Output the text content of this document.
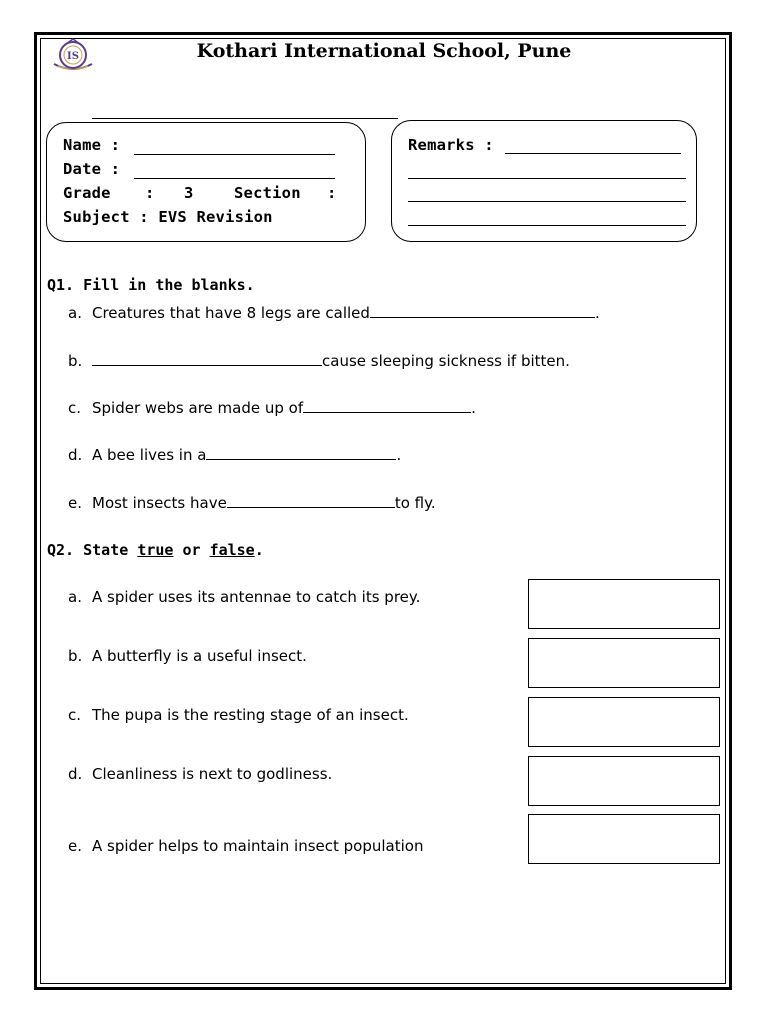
IS	Kothari International School, Pune
Name :
Date :
Grade : 3	Section :
Subject : EVS Revision
Remarks :
Q1. Fill in the blanks.
a. Creatures that have 8 legs are called	.
b.	cause sleeping sickness if bitten.
c. Spider webs are made up of	.
d. A bee lives in a	.
e. Most insects have	to fly.
Q2. State true or false.
a. A spider uses its antennae to catch its prey.
b. A butterfly is a useful insect.
c. The pupa is the resting stage of an insect.
d. Cleanliness is next to godliness.
e. A spider helps to maintain insect population
